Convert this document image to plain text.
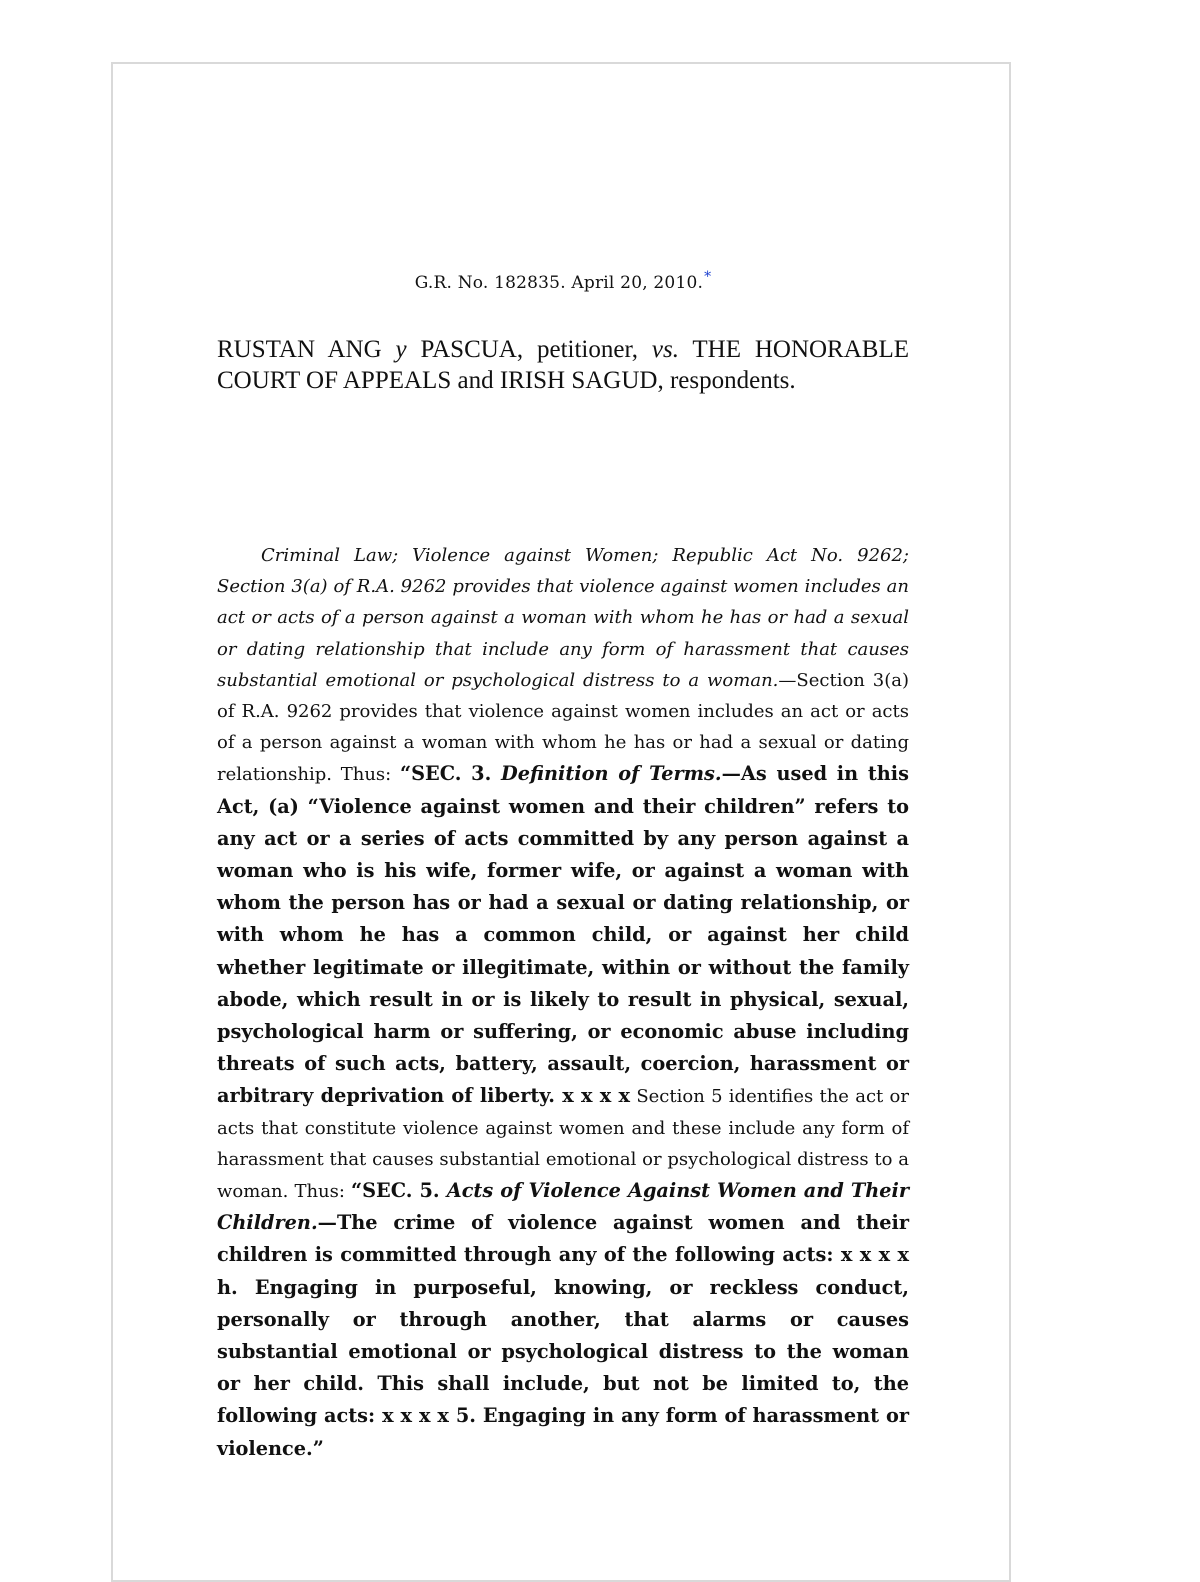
G.R. No. 182835. April 20, 2010.*
RUSTAN ANG y PASCUA, petitioner, vs. THE HONORABLE COURT OF APPEALS and IRISH SAGUD, respondents.

Criminal Law; Violence against Women; Republic Act No. 9262; Section 3(a) of R.A. 9262 provides that violence against women includes an act or acts of a person against a woman with whom he has or had a sexual or dating relationship that include any form of harassment that causes substantial emotional or psychological distress to a woman.—Section 3(a) of R.A. 9262 provides that violence against women includes an act or acts of a person against a woman with whom he has or had a sexual or dating relationship. Thus: “SEC. 3. Definition of Terms.—As used in this Act, (a) “Violence against women and their children” refers to any act or a series of acts committed by any person against a woman who is his wife, former wife, or against a woman with whom the person has or had a sexual or dating relationship, or with whom he has a common child, or against her child whether legitimate or illegitimate, within or without the family abode, which result in or is likely to result in physical, sexual, psychological harm or suffering, or economic abuse including threats of such acts, battery, assault, coercion, harassment or arbitrary deprivation of liberty. x x x x Section 5 identifies the act or acts that constitute violence against women and these include any form of harassment that causes substantial emotional or psychological distress to a woman. Thus: “SEC. 5. Acts of Violence Against Women and Their Children.—The crime of violence against women and their children is committed through any of the following acts: x x x x h. Engaging in purposeful, knowing, or reckless conduct, personally or through another, that alarms or causes substantial emotional or psychological distress to the woman or her child. This shall include, but not be limited to, the following acts: x x x x 5. Engaging in any form of harassment or violence.”
